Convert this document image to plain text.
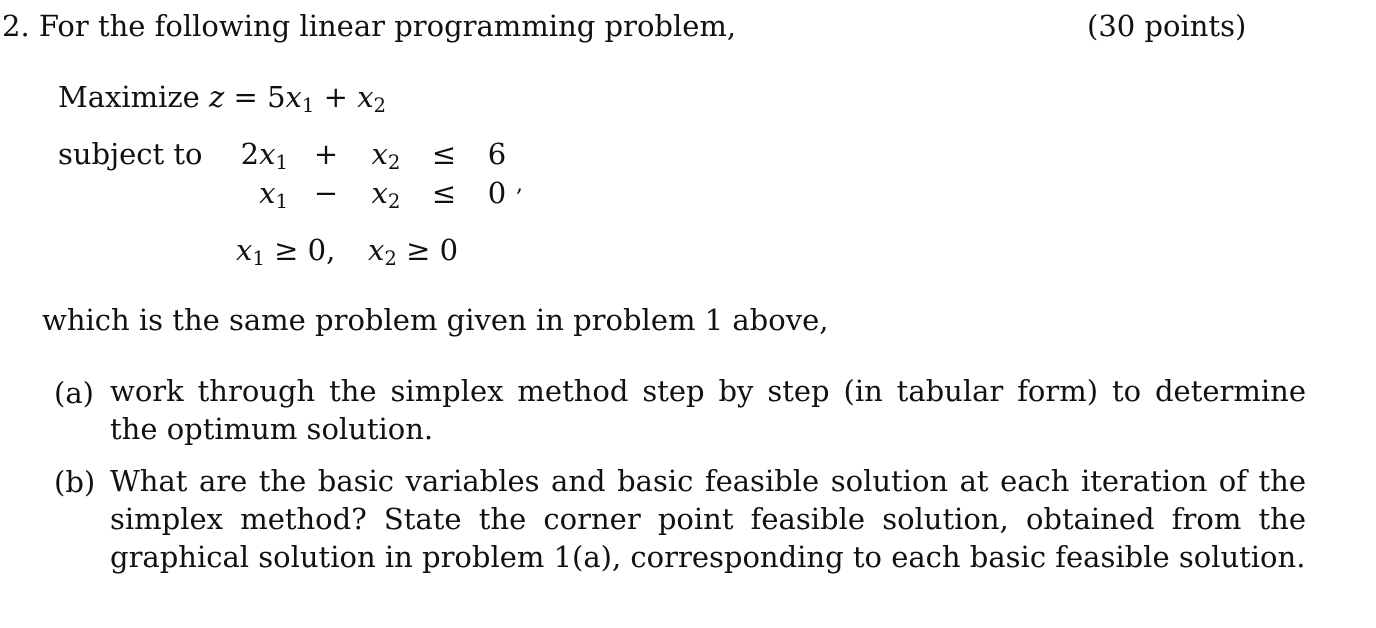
2. For the following linear programming problem,	(30 points)
Maximize $z = 5x_1 + x_2$
subject to $2x_1 + x_2 \le 6$
$x_1 - x_2 \le 0$ ,
$x_1 \ge 0$, $x_2 \ge 0$
which is the same problem given in problem 1 above,
(a) work through the simplex method step by step (in tabular form) to determine the optimum solution.
(b) What are the basic variables and basic feasible solution at each iteration of the simplex method? State the corner point feasible solution, obtained from the graphical solution in problem 1(a), corresponding to each basic feasible solution.
